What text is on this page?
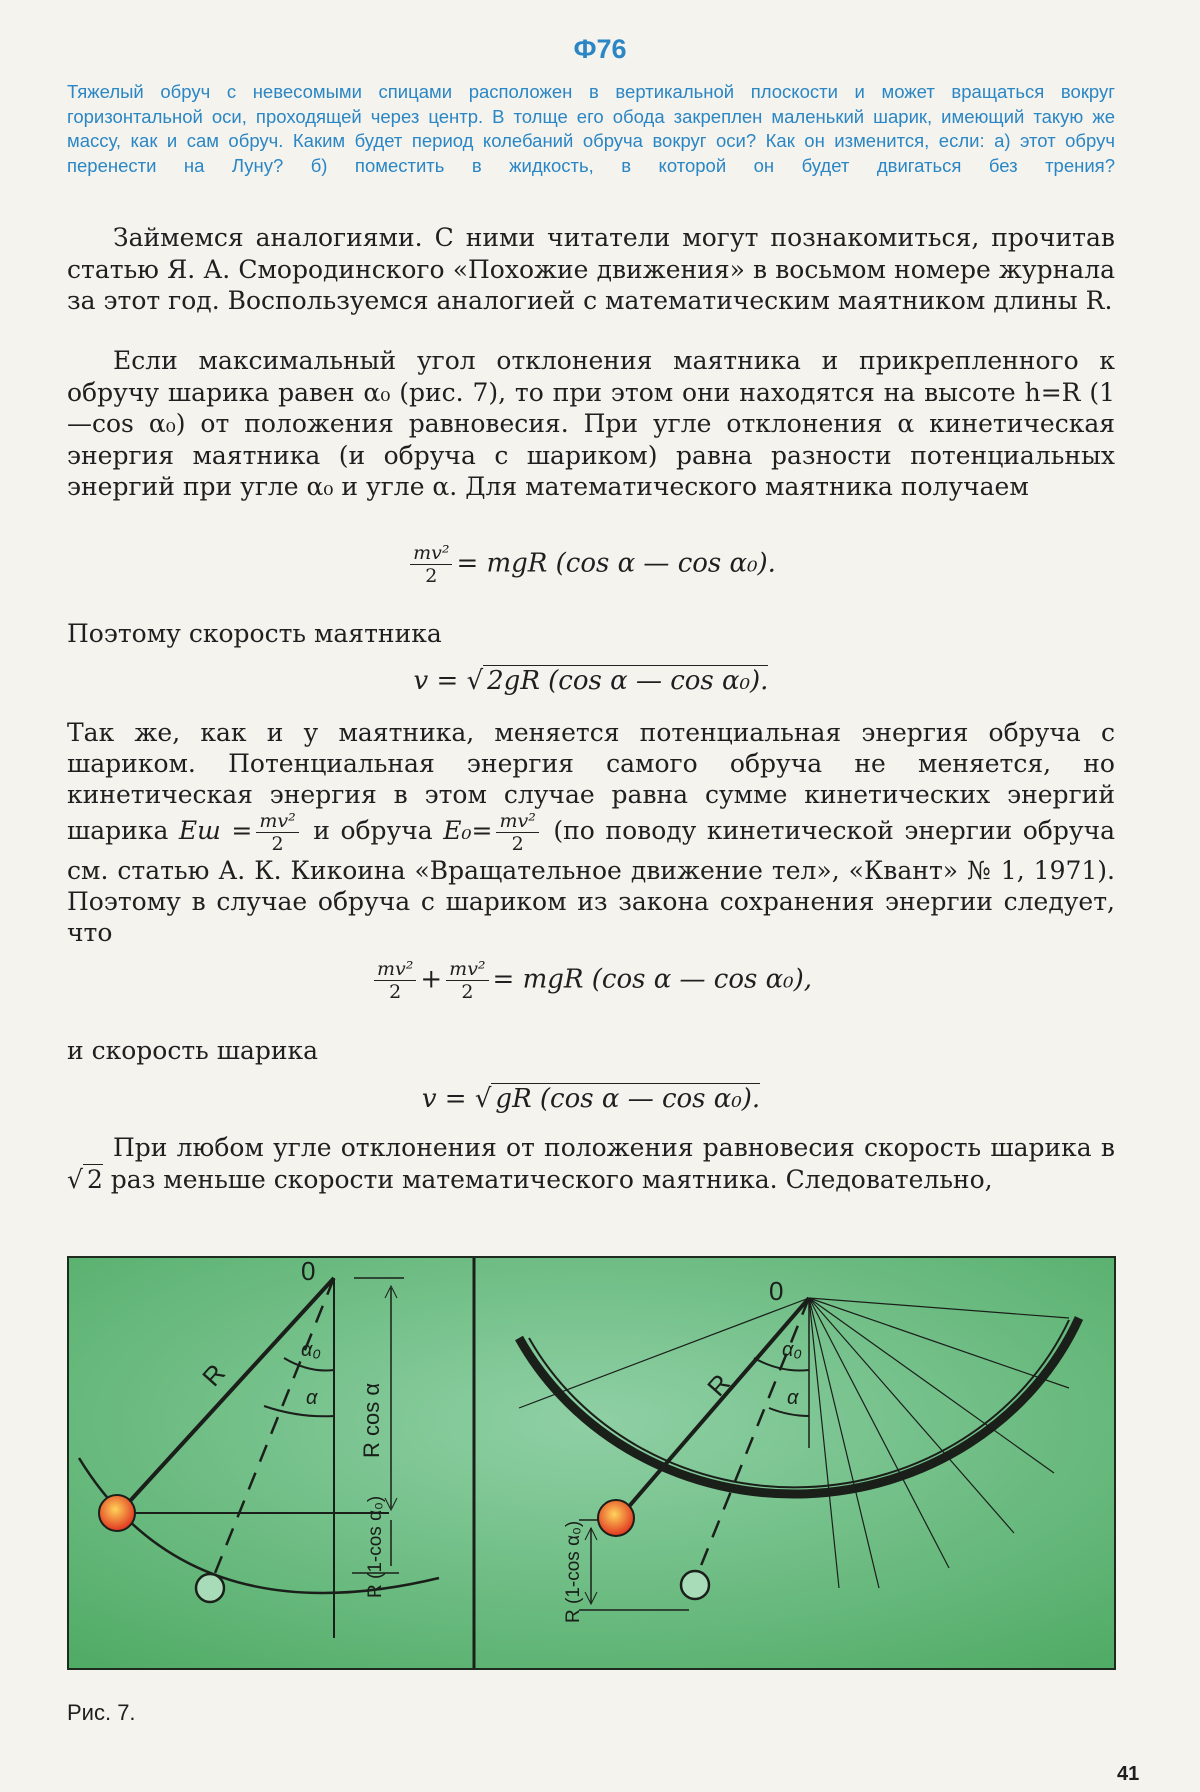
Ф76
Тяжелый обруч с невесомыми спицами расположен в вертикальной плоскости и может вращаться вокруг горизонтальной оси, проходящей через центр. В толще его обода закреплен маленький шарик, имеющий такую же массу, как и сам обруч. Каким будет период колебаний обруча вокруг оси? Как он изменится, если: а) этот обруч перенести на Луну? б) поместить в жидкость, в которой он будет двигаться без трения?
Займемся аналогиями. С ними читатели могут познакомиться, прочитав статью Я. А. Смородинского «Похожие движения» в восьмом номере журнала за этот год. Воспользуемся аналогией с математическим маятником длины R.
Если максимальный угол отклонения маятника и прикрепленного к обручу шарика равен α₀ (рис. 7), то при этом они находятся на высоте h=R (1—cos α₀) от положения равновесия. При угле отклонения α кинетическая энергия маятника (и обруча с шариком) равна разности потенциальных энергий при угле α₀ и угле α. Для математического маятника получаем
$\frac{\text{mv²}}{2}$ = mgR (cos α — cos α₀).
Поэтому скорость маятника
v = √ 2gR (cos α — cos α₀).
Так же, как и у маятника, меняется потенциальная энергия обруча с шариком. Потенциальная энергия самого обруча не меняется, но кинетическая энергия в этом случае равна сумме кинетических энергий шарика Eш = $\frac{\text{mv²}}{2}$ и обруча $E_0= \frac{\text{mv²}}{2} (по$ поводу кинетической энергии обруча см. статью А. К. Кикоина «Вращательное движение тел», «Квант» № 1, 1971). Поэтому в случае обруча с шариком из закона сохранения энергии следует, что
$\frac{\text{mv²}}{2} + \frac{\text{mv²}}{2}$ = mgR (cos α — cos α₀),
и скорость шарика
v = √ gR (cos α — cos α₀).
При любом угле отклонения от положения равновесия скорость шарика в √ 2 раз меньше скорости математического маятника. Следовательно,
0
0
R	R
α₀
α
α₀
α
R cos α
R (1-cos α₀)	R (1-cos α₀)
Рис. 7.
41
